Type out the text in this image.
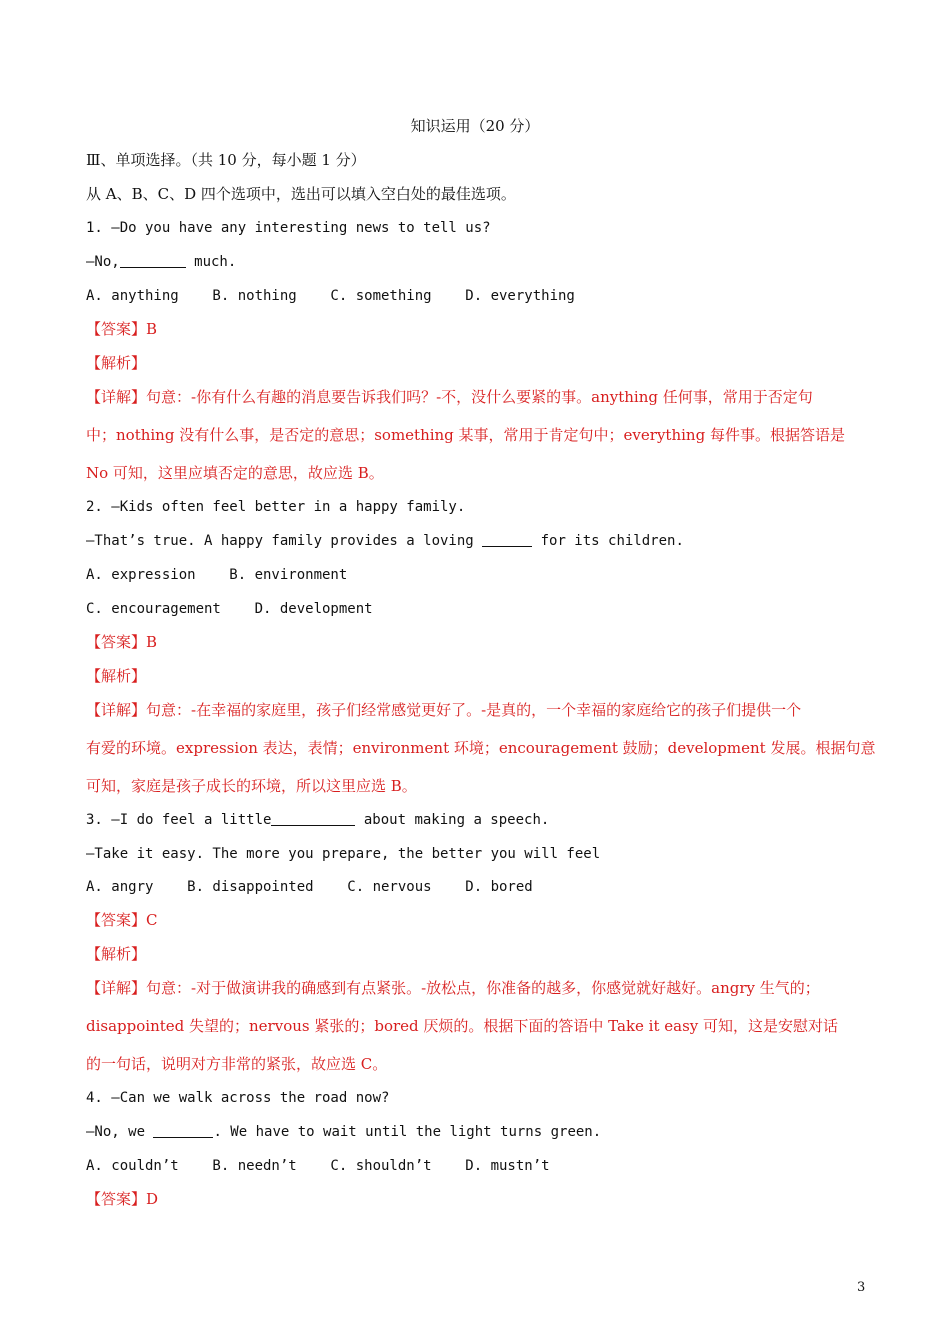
知识运用（20 分）
Ⅲ、单项选择。（共 10 分，每小题 1 分）
从 A、B、C、D 四个选项中，选出可以填入空白处的最佳选项。
1. —Do you have any interesting news to tell us?
—No,	much.
A. anything    B. nothing    C. something    D. everything
【答案】B
【解析】
【详解】句意：-你有什么有趣的消息要告诉我们吗？-不，没什么要紧的事。anything 任何事，常用于否定句
中；nothing 没有什么事，是否定的意思；something 某事，常用于肯定句中；everything 每件事。根据答语是
No 可知，这里应填否定的意思，故应选 B。
2. —Kids often feel better in a happy family.
—That’s true. A happy family provides a loving	for its children.
A. expression    B. environment
C. encouragement    D. development
【答案】B
【解析】
【详解】句意：-在幸福的家庭里，孩子们经常感觉更好了。-是真的，一个幸福的家庭给它的孩子们提供一个
有爱的环境。expression 表达，表情；environment 环境；encouragement 鼓励；development 发展。根据句意
可知，家庭是孩子成长的环境，所以这里应选 B。
3. —I do feel a little	about making a speech.
—Take it easy. The more you prepare, the better you will feel
A. angry    B. disappointed    C. nervous    D. bored
【答案】C
【解析】
【详解】句意：-对于做演讲我的确感到有点紧张。-放松点，你准备的越多，你感觉就好越好。angry 生气的；
disappointed 失望的；nervous 紧张的；bored 厌烦的。根据下面的答语中 Take it easy 可知，这是安慰对话
的一句话，说明对方非常的紧张，故应选 C。
4. —Can we walk across the road now?
—No, we	. We have to wait until the light turns green.
A. couldn’t    B. needn’t    C. shouldn’t    D. mustn’t
【答案】D
3
